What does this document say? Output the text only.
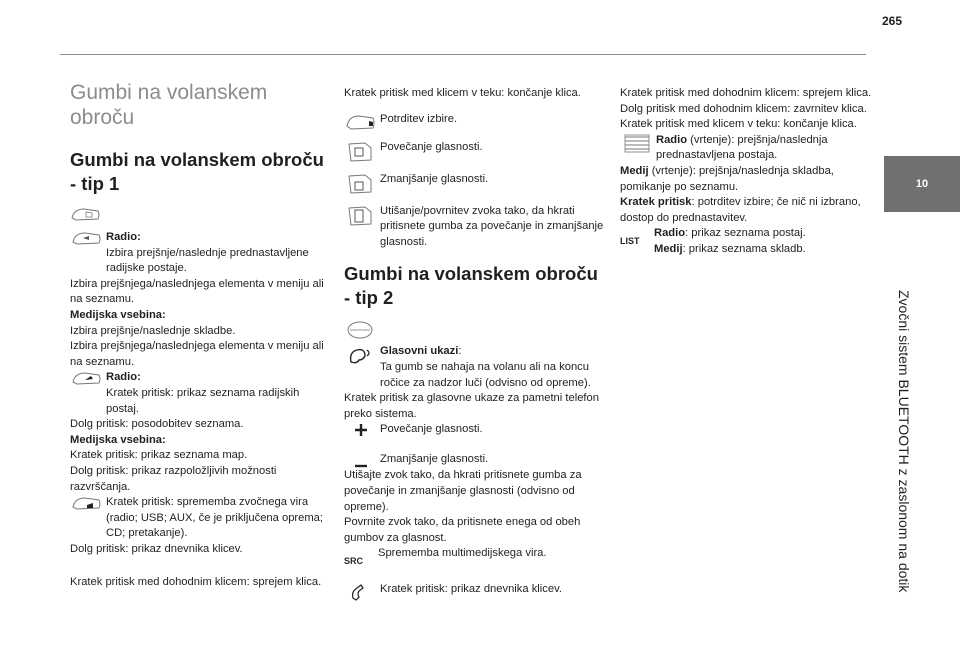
265
10
Zvočni sistem BLUETOOTH z zaslonom na dotik
Gumbi na volanskem obroču
Gumbi na volanskem obroču - tip 1
Radio:
Izbira prejšnje/naslednje prednastavljene radijske postaje.

Izbira prejšnjega/naslednjega elementa v meniju ali na seznamu.

Medijska vsebina:

Izbira prejšnje/naslednje skladbe.

Izbira prejšnjega/naslednjega elementa v meniju ali na seznamu.

Radio:
Kratek pritisk: prikaz seznama radijskih postaj.

Dolg pritisk: posodobitev seznama.

Medijska vsebina:

Kratek pritisk: prikaz seznama map.

Dolg pritisk: prikaz razpoložljivih možnosti razvrščanja.

Kratek pritisk: sprememba zvočnega vira (radio; USB; AUX, če je priključena oprema; CD; pretakanje).

Dolg pritisk: prikaz dnevnika klicev.

Kratek pritisk med dohodnim klicem: sprejem klica.

Kratek pritisk med klicem v teku: končanje klica.

Potrditev izbire.
Povečanje glasnosti.
Zmanjšanje glasnosti.
Utišanje/povrnitev zvoka tako, da hkrati pritisnete gumba za povečanje in zmanjšanje glasnosti.
Gumbi na volanskem obroču - tip 2
Glasovni ukazi:
Ta gumb se nahaja na volanu ali na koncu ročice za nadzor luči (odvisno od opreme).

Kratek pritisk za glasovne ukaze za pametni telefon preko sistema.

Povečanje glasnosti.
Zmanjšanje glasnosti.

Utišajte zvok tako, da hkrati pritisnete gumba za povečanje in zmanjšanje glasnosti (odvisno od opreme).

Povrnite zvok tako, da pritisnete enega od obeh gumbov za glasnost.

SRC
Sprememba multimedijskega vira.
Kratek pritisk: prikaz dnevnika klicev.

Kratek pritisk med dohodnim klicem: sprejem klica.

Dolg pritisk med dohodnim klicem: zavrnitev klica.

Kratek pritisk med klicem v teku: končanje klica.

Radio (vrtenje): prejšnja/naslednja prednastavljena postaja.

Medij (vrtenje): prejšnja/naslednja skladba, pomikanje po seznamu.

Kratek pritisk: potrditev izbire; če nič ni izbrano, dostop do prednastavitev.

LIST
Radio: prikaz seznama postaj.
Medij: prikaz seznama skladb.
